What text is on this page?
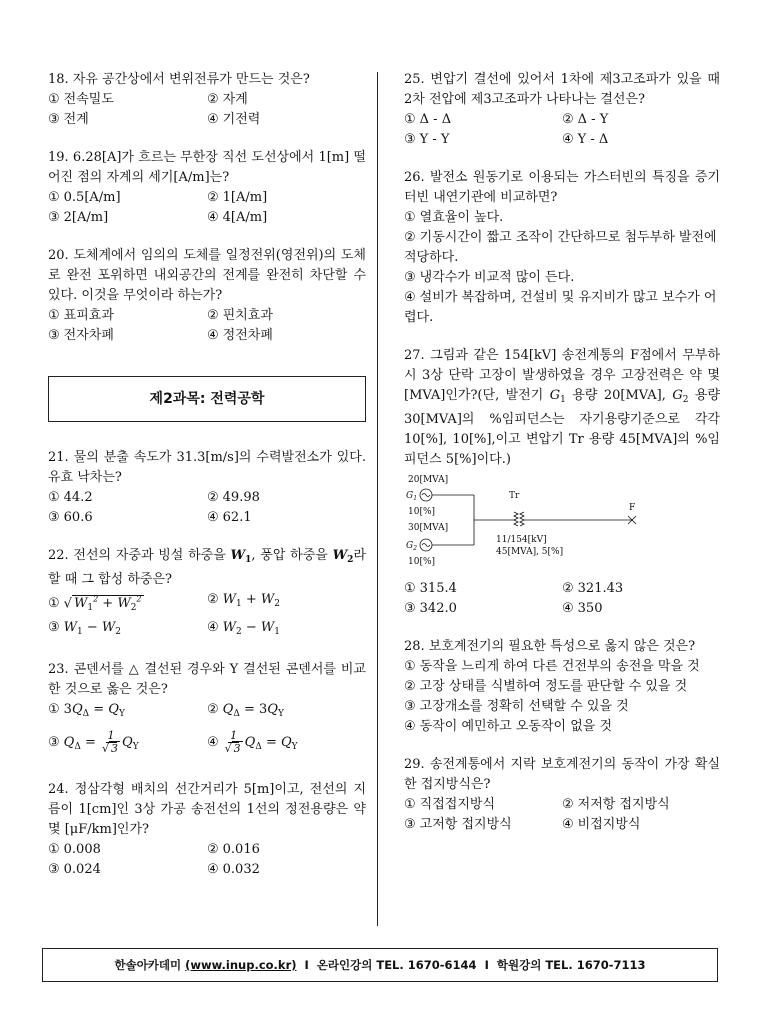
18. 자유 공간상에서 변위전류가 만드는 것은?
① 전속밀도	② 자계
③ 전계	④ 기전력
19. 6.28[A]가 흐르는 무한장 직선 도선상에서 1[m] 떨어진 점의 자계의 세기[A/m]는?
① 0.5[A/m]	② 1[A/m]
③ 2[A/m]	④ 4[A/m]
20. 도체계에서 임의의 도체를 일정전위(영전위)의 도체로 완전 포위하면 내외공간의 전계를 완전히 차단할 수 있다. 이것을 무엇이라 하는가?
① 표피효과	② 핀치효과
③ 전자차폐	④ 정전차폐
제2과목: 전력공학
21. 물의 분출 속도가 31.3[m/s]의 수력발전소가 있다. 유효 낙차는?
① 44.2	② 49.98
③ 60.6	④ 62.1
22. 전선의 자중과 빙설 하중을 $W_1$, 풍압 하중을 $W_2$라 할 때 그 합성 하중은?
① √ $W_1^2 + W_2^2$	② $W_1 + W_2$
③ $W_1 - W_2$	④ $W_2 - W_1$
23. 콘덴서를 △ 결선된 경우와 Y 결선된 콘덴서를 비교한 것으로 옳은 것은?
① $3Q_\Delta = Q_Y$	② $Q_\Delta = 3Q_Y$
③ $Q_\Delta = \frac{1}{√ 3} Q_Y$	④ $\frac{1}{√ 3} Q_\Delta = Q_Y$
24. 정삼각형 배치의 선간거리가 5[m]이고, 전선의 지름이 1[cm]인 3상 가공 송전선의 1선의 정전용량은 약 몇 [μF/km]인가?
① 0.008	② 0.016
③ 0.024	④ 0.032
25. 변압기 결선에 있어서 1차에 제3고조파가 있을 때 2차 전압에 제3고조파가 나타나는 결선은?
① Δ - Δ	② Δ - Y
③ Y - Y	④ Y - Δ
26. 발전소 원동기로 이용되는 가스터빈의 특징을 증기터빈 내연기관에 비교하면?
① 열효율이 높다.
② 기동시간이 짧고 조작이 간단하므로 첨두부하 발전에 적당하다.
③ 냉각수가 비교적 많이 든다.
④ 설비가 복잡하며, 건설비 및 유지비가 많고 보수가 어렵다.
27. 그림과 같은 154[kV] 송전계통의 F점에서 무부하시 3상 단락 고장이 발생하였을 경우 고장전력은 약 몇 [MVA]인가?(단, 발전기 $G_1$ 용량 20[MVA], $G_2$ 용량 30[MVA]의 %임피던스는 자기용량기준으로 각각 10[%], 10[%],이고 변압기 Tr 용량 45[MVA]의 %임피던스 5[%]이다.)
20[MVA]
$G_1$
10[%]
30[MVA]
$G_2$
10[%]
Tr
11/154[kV]
45[MVA], 5[%]
F
① 315.4	② 321.43
③ 342.0	④ 350
28. 보호계전기의 필요한 특성으로 옳지 않은 것은?
① 동작을 느리게 하여 다른 건전부의 송전을 막을 것
② 고장 상태를 식별하여 정도를 판단할 수 있을 것
③ 고장개소를 정확히 선택할 수 있을 것
④ 동작이 예민하고 오동작이 없을 것
29. 송전계통에서 지락 보호계전기의 동작이 가장 확실한 접지방식은?
① 직접접지방식	② 저저항 접지방식
③ 고저항 접지방식	④ 비접지방식
한솔아카데미
(www.inup.co.kr)
I
온라인강의 TEL. 1670-6144
I
학원강의 TEL. 1670-7113
